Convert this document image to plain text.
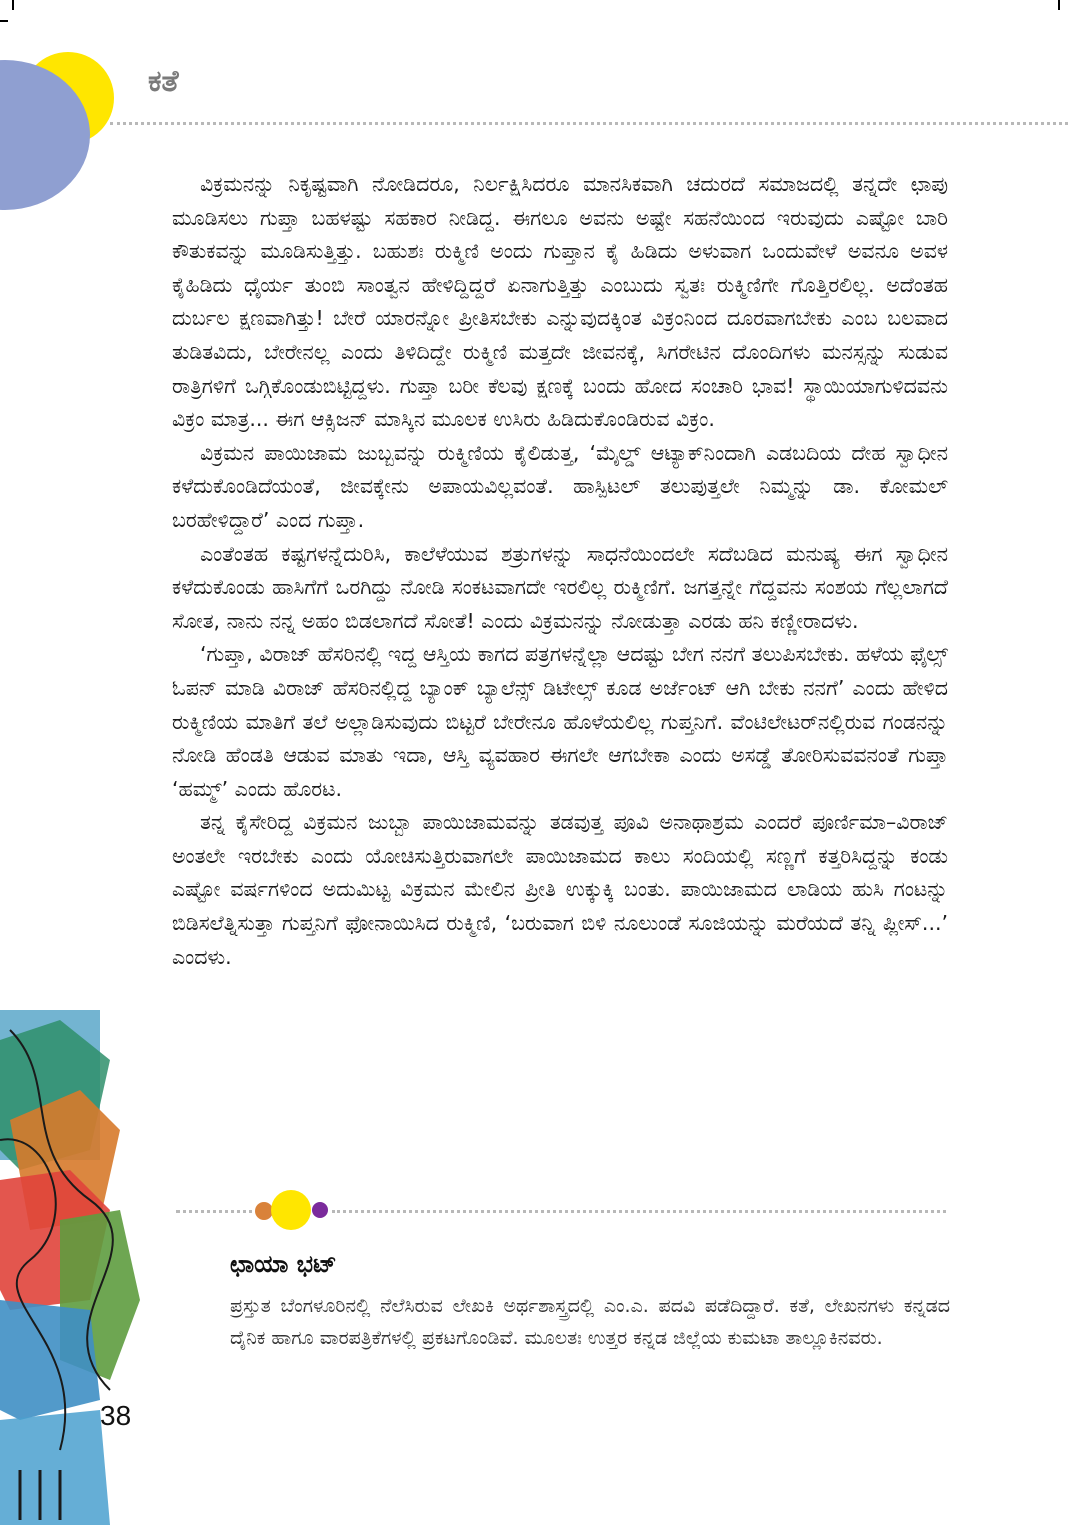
ಕತೆ

ವಿಕ್ರಮನನ್ನು ನಿಕೃಷ್ಟವಾಗಿ ನೋಡಿದರೂ, ನಿರ್ಲಕ್ಷಿಸಿದರೂ ಮಾನಸಿಕವಾಗಿ ಚದುರದೆ ಸಮಾಜದಲ್ಲಿ ತನ್ನದೇ ಛಾಪು ಮೂಡಿಸಲು ಗುಪ್ತಾ ಬಹಳಷ್ಟು ಸಹಕಾರ ನೀಡಿದ್ದ. ಈಗಲೂ ಅವನು ಅಷ್ಟೇ ಸಹನೆಯಿಂದ ಇರುವುದು ಎಷ್ಟೋ ಬಾರಿ ಕೌತುಕವನ್ನು ಮೂಡಿಸುತ್ತಿತ್ತು. ಬಹುಶಃ ರುಕ್ಮಿಣಿ ಅಂದು ಗುಪ್ತಾನ ಕೈ ಹಿಡಿದು ಅಳುವಾಗ ಒಂದುವೇಳೆ ಅವನೂ ಅವಳ ಕೈಹಿಡಿದು ಧೈರ್ಯ ತುಂಬಿ ಸಾಂತ್ವನ ಹೇಳಿದ್ದಿದ್ದರೆ ಏನಾಗುತ್ತಿತ್ತು ಎಂಬುದು ಸ್ವತಃ ರುಕ್ಮಿಣಿಗೇ ಗೊತ್ತಿರಲಿಲ್ಲ. ಅದೆಂತಹ ದುರ್ಬಲ ಕ್ಷಣವಾಗಿತ್ತು! ಬೇರೆ ಯಾರನ್ನೋ ಪ್ರೀತಿಸಬೇಕು ಎನ್ನುವುದಕ್ಕಿಂತ ವಿಕ್ರಂನಿಂದ ದೂರವಾಗಬೇಕು ಎಂಬ ಬಲವಾದ ತುಡಿತವಿದು, ಬೇರೇನಲ್ಲ ಎಂದು ತಿಳಿದಿದ್ದೇ ರುಕ್ಮಿಣಿ ಮತ್ತದೇ ಜೀವನಕ್ಕೆ, ಸಿಗರೇಟಿನ ದೊಂದಿಗಳು ಮನಸ್ಸನ್ನು ಸುಡುವ ರಾತ್ರಿಗಳಿಗೆ ಒಗ್ಗಿಕೊಂಡುಬಿಟ್ಟಿದ್ದಳು. ಗುಪ್ತಾ ಬರೀ ಕೆಲವು ಕ್ಷಣಕ್ಕೆ ಬಂದು ಹೋದ ಸಂಚಾರಿ ಭಾವ! ಸ್ಥಾಯಿಯಾಗುಳಿದವನು ವಿಕ್ರಂ ಮಾತ್ರ... ಈಗ ಆಕ್ಸಿಜನ್ ಮಾಸ್ಕಿನ ಮೂಲಕ ಉಸಿರು ಹಿಡಿದುಕೊಂಡಿರುವ ವಿಕ್ರಂ.

ವಿಕ್ರಮನ ಪಾಯಿಜಾಮ ಜುಬ್ಬವನ್ನು ರುಕ್ಮಿಣಿಯ ಕೈಲಿಡುತ್ತ, ‘ಮೈಲ್ಡ್ ಆಟ್ಯಾಕ್‌ನಿಂದಾಗಿ ಎಡಬದಿಯ ದೇಹ ಸ್ವಾಧೀನ ಕಳೆದುಕೊಂಡಿದೆಯಂತೆ, ಜೀವಕ್ಕೇನು ಅಪಾಯವಿಲ್ಲವಂತೆ. ಹಾಸ್ಪಿಟಲ್ ತಲುಪುತ್ತಲೇ ನಿಮ್ಮನ್ನು ಡಾ. ಕೋಮಲ್ ಬರಹೇಳಿದ್ದಾರೆ’ ಎಂದ ಗುಪ್ತಾ.

ಎಂತೆಂತಹ ಕಷ್ಟಗಳನ್ನೆದುರಿಸಿ, ಕಾಲೆಳೆಯುವ ಶತ್ರುಗಳನ್ನು ಸಾಧನೆಯಿಂದಲೇ ಸದೆಬಡಿದ ಮನುಷ್ಯ ಈಗ ಸ್ವಾಧೀನ ಕಳೆದುಕೊಂಡು ಹಾಸಿಗೆಗೆ ಒರಗಿದ್ದು ನೋಡಿ ಸಂಕಟವಾಗದೇ ಇರಲಿಲ್ಲ ರುಕ್ಮಿಣಿಗೆ. ಜಗತ್ತನ್ನೇ ಗೆದ್ದವನು ಸಂಶಯ ಗೆಲ್ಲಲಾಗದೆ ಸೋತ, ನಾನು ನನ್ನ ಅಹಂ ಬಿಡಲಾಗದೆ ಸೋತೆ! ಎಂದು ವಿಕ್ರಮನನ್ನು ನೋಡುತ್ತಾ ಎರಡು ಹನಿ ಕಣ್ಣೀರಾದಳು.

‘ಗುಪ್ತಾ, ವಿರಾಜ್ ಹೆಸರಿನಲ್ಲಿ ಇದ್ದ ಆಸ್ತಿಯ ಕಾಗದ ಪತ್ರಗಳನ್ನೆಲ್ಲಾ ಆದಷ್ಟು ಬೇಗ ನನಗೆ ತಲುಪಿಸಬೇಕು. ಹಳೆಯ ಫೈಲ್ಸ್ ಓಪನ್ ಮಾಡಿ ವಿರಾಜ್ ಹೆಸರಿನಲ್ಲಿದ್ದ ಬ್ಯಾಂಕ್ ಬ್ಯಾಲೆನ್ಸ್ ಡಿಟೇಲ್ಸ್ ಕೂಡ ಅರ್ಜೆಂಟ್ ಆಗಿ ಬೇಕು ನನಗೆ’ ಎಂದು ಹೇಳಿದ ರುಕ್ಮಿಣಿಯ ಮಾತಿಗೆ ತಲೆ ಅಲ್ಲಾಡಿಸುವುದು ಬಿಟ್ಟರೆ ಬೇರೇನೂ ಹೊಳೆಯಲಿಲ್ಲ ಗುಪ್ತನಿಗೆ. ವೆಂಟಿಲೇಟರ್‌ನಲ್ಲಿರುವ ಗಂಡನನ್ನು ನೋಡಿ ಹೆಂಡತಿ ಆಡುವ ಮಾತು ಇದಾ, ಆಸ್ತಿ ವ್ಯವಹಾರ ಈಗಲೇ ಆಗಬೇಕಾ ಎಂದು ಅಸಡ್ಡೆ ತೋರಿಸುವವನಂತೆ ಗುಪ್ತಾ ‘ಹಮ್ಮ್’ ಎಂದು ಹೊರಟ.

ತನ್ನ ಕೈಸೇರಿದ್ದ ವಿಕ್ರಮನ ಜುಬ್ಬಾ ಪಾಯಿಜಾಮವನ್ನು ತಡವುತ್ತ ಪೂವಿ ಅನಾಥಾಶ್ರಮ ಎಂದರೆ ಪೂರ್ಣಿಮಾ–ವಿರಾಜ್ ಅಂತಲೇ ಇರಬೇಕು ಎಂದು ಯೋಚಿಸುತ್ತಿರುವಾಗಲೇ ಪಾಯಿಜಾಮದ ಕಾಲು ಸಂದಿಯಲ್ಲಿ ಸಣ್ಣಗೆ ಕತ್ತರಿಸಿದ್ದನ್ನು ಕಂಡು ಎಷ್ಟೋ ವರ್ಷಗಳಿಂದ ಅದುಮಿಟ್ಟ ವಿಕ್ರಮನ ಮೇಲಿನ ಪ್ರೀತಿ ಉಕ್ಕುಕ್ಕಿ ಬಂತು. ಪಾಯಿಜಾಮದ ಲಾಡಿಯ ಹುಸಿ ಗಂಟನ್ನು ಬಿಡಿಸಲೆತ್ನಿಸುತ್ತಾ ಗುಪ್ತನಿಗೆ ಫೋನಾಯಿಸಿದ ರುಕ್ಮಿಣಿ, ‘ಬರುವಾಗ ಬಿಳಿ ನೂಲುಂಡೆ ಸೂಜಿಯನ್ನು ಮರೆಯದೆ ತನ್ನಿ ಪ್ಲೀಸ್...’ ಎಂದಳು.

ಛಾಯಾ ಭಟ್
ಪ್ರಸ್ತುತ ಬೆಂಗಳೂರಿನಲ್ಲಿ ನೆಲೆಸಿರುವ ಲೇಖಕಿ ಅರ್ಥಶಾಸ್ತ್ರದಲ್ಲಿ ಎಂ.ಎ. ಪದವಿ ಪಡೆದಿದ್ದಾರೆ. ಕತೆ, ಲೇಖನಗಳು ಕನ್ನಡದ ದೈನಿಕ ಹಾಗೂ ವಾರಪತ್ರಿಕೆಗಳಲ್ಲಿ ಪ್ರಕಟಗೊಂಡಿವೆ. ಮೂಲತಃ ಉತ್ತರ ಕನ್ನಡ ಜಿಲ್ಲೆಯ ಕುಮಟಾ ತಾಲ್ಲೂಕಿನವರು.
38
